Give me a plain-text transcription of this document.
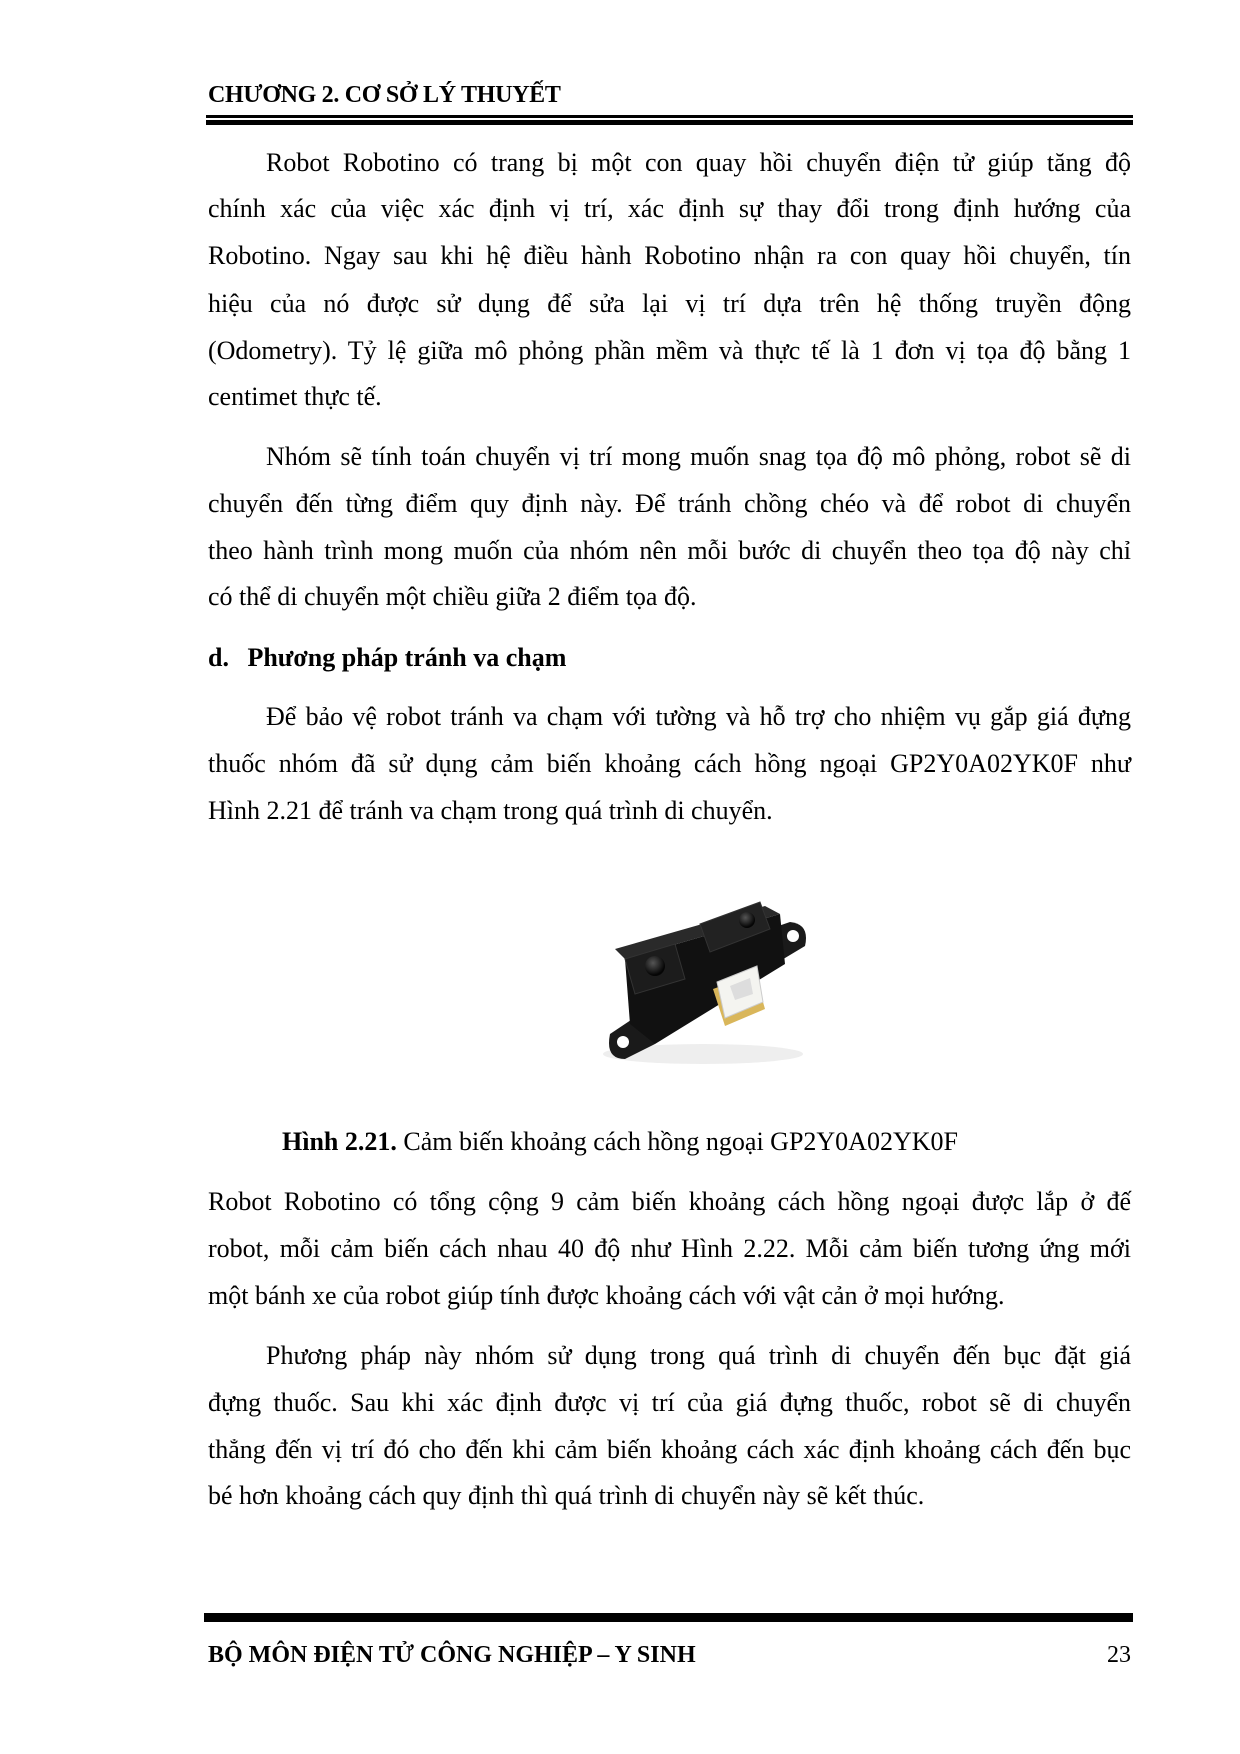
CHƯƠNG 2. CƠ SỞ LÝ THUYẾT
Robot Robotino có trang bị một con quay hồi chuyển điện tử giúp tăng độ
chính xác của việc xác định vị trí, xác định sự thay đổi trong định hướng của
Robotino. Ngay sau khi hệ điều hành Robotino nhận ra con quay hồi chuyển, tín
hiệu của nó được sử dụng để sửa lại vị trí dựa trên hệ thống truyền động
(Odometry). Tỷ lệ giữa mô phỏng phần mềm và thực tế là 1 đơn vị tọa độ bằng 1
centimet thực tế.
Nhóm sẽ tính toán chuyển vị trí mong muốn snag tọa độ mô phỏng, robot sẽ di
chuyển đến từng điểm quy định này. Để tránh chồng chéo và để robot di chuyển
theo hành trình mong muốn của nhóm nên mỗi bước di chuyển theo tọa độ này chỉ
có thể di chuyển một chiều giữa 2 điểm tọa độ.
Để bảo vệ robot tránh va chạm với tường và hỗ trợ cho nhiệm vụ gắp giá đựng
thuốc nhóm đã sử dụng cảm biến khoảng cách hồng ngoại GP2Y0A02YK0F như
Hình 2.21 để tránh va chạm trong quá trình di chuyển.
Robot Robotino có tổng cộng 9 cảm biến khoảng cách hồng ngoại được lắp ở đế
robot, mỗi cảm biến cách nhau 40 độ như Hình 2.22. Mỗi cảm biến tương ứng mới
một bánh xe của robot giúp tính được khoảng cách với vật cản ở mọi hướng.
Phương pháp này nhóm sử dụng trong quá trình di chuyển đến bục đặt giá
đựng thuốc. Sau khi xác định được vị trí của giá đựng thuốc, robot sẽ di chuyển
thẳng đến vị trí đó cho đến khi cảm biến khoảng cách xác định khoảng cách đến bục
bé hơn khoảng cách quy định thì quá trình di chuyển này sẽ kết thúc.
d. Phương pháp tránh va chạm
Hình 2.21. Cảm biến khoảng cách hồng ngoại GP2Y0A02YK0F
BỘ MÔN ĐIỆN TỬ CÔNG NGHIỆP – Y SINH	23
